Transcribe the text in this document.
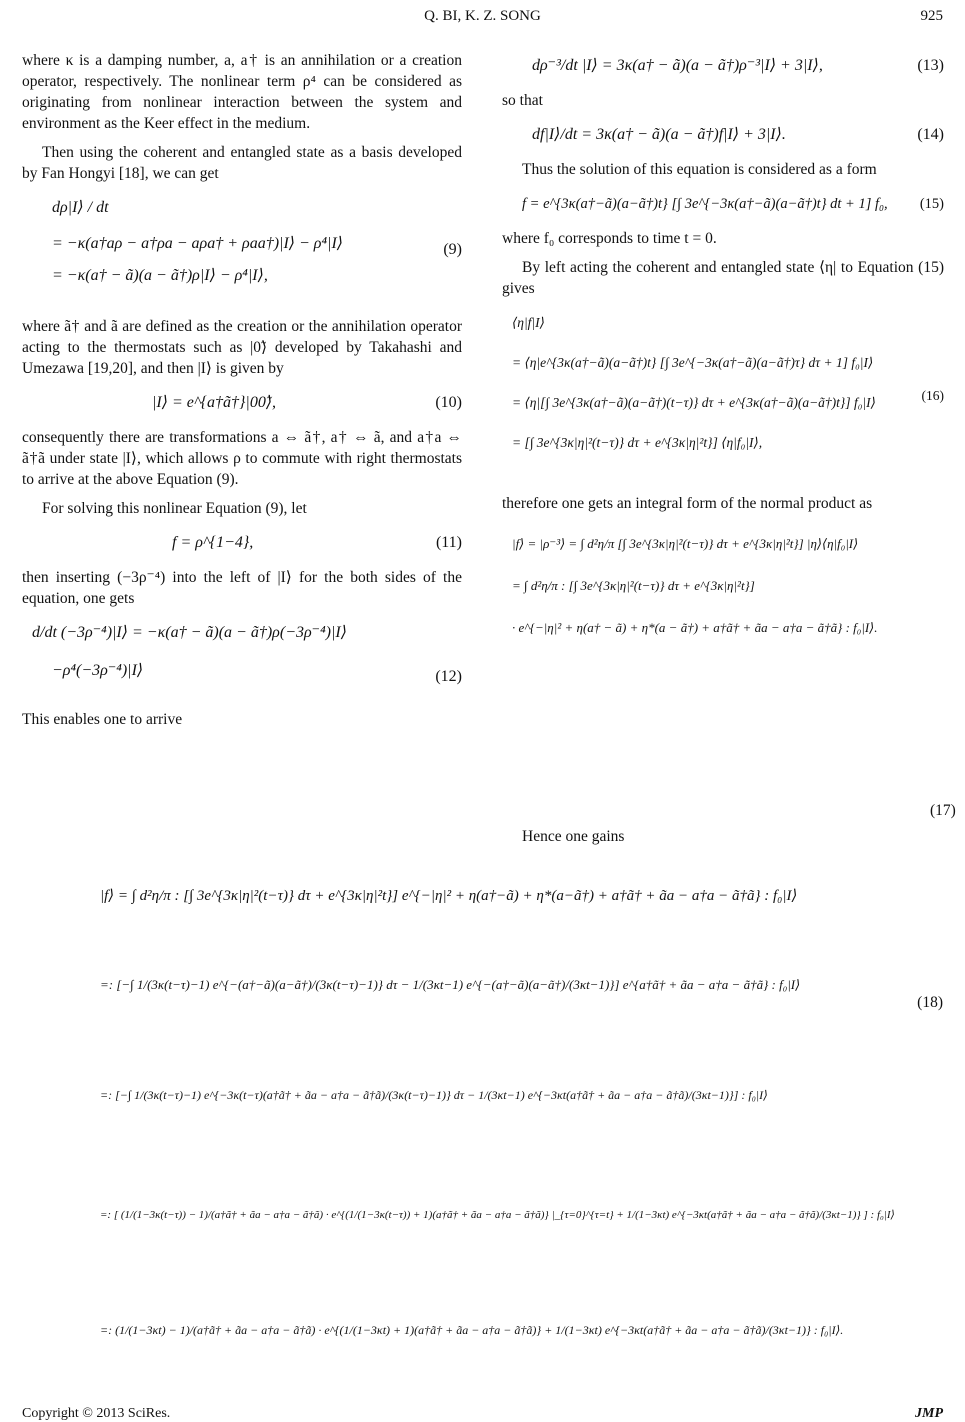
Q. BI, K. Z. SONG	925

where κ is a damping number, a, a† is an annihilation or a creation operator, respectively. The nonlinear term ρ⁴ can be considered as originating from nonlinear interaction between the system and environment as the Keer effect in the medium.

Then using the coherent and entangled state as a basis developed by Fan Hongyi [18], we can get

dρ|I⟩ / dt
= −κ(a†aρ − a†ρa − aρa† + ρaa†)|I⟩ − ρ⁴|I⟩
= −κ(a† − ã)(a − ã†)ρ|I⟩ − ρ⁴|I⟩,
(9)

where ã† and ã are defined as the creation or the annihilation operator acting to the thermostats such as |0̃⟩ developed by Takahashi and Umezawa [19,20], and then |I⟩ is given by

|I⟩ = e^{a†ã†}|00̃⟩,	(10)

consequently there are transformations a ⇔ ã†, a† ⇔ ã, and a†a ⇔ ã†ã under state |I⟩, which allows ρ to commute with right thermostats to arrive at the above Equation (9).

For solving this nonlinear Equation (9), let

f = ρ^{1−4},	(11)

then inserting (−3ρ⁻⁴) into the left of |I⟩ for the both sides of the equation, one gets

d/dt (−3ρ⁻⁴)|I⟩ = −κ(a† − ã)(a − ã†)ρ(−3ρ⁻⁴)|I⟩
−ρ⁴(−3ρ⁻⁴)|I⟩	(12)

This enables one to arrive

dρ⁻³/dt |I⟩ = 3κ(a† − ã)(a − ã†)ρ⁻³|I⟩ + 3|I⟩,	(13)

so that

df|I⟩/dt = 3κ(a† − ã)(a − ã†)f|I⟩ + 3|I⟩.	(14)

Thus the solution of this equation is considered as a form

f = e^{3κ(a†−ã)(a−ã†)t} [∫ 3e^{−3κ(a†−ã)(a−ã†)t} dt + 1] f₀,	(15)

where f₀ corresponds to time t = 0.

By left acting the coherent and entangled state ⟨η| to Equation (15) gives

⟨η|f|I⟩
= ⟨η|e^{3κ(a†−ã)(a−ã†)t} [∫ 3e^{−3κ(a†−ã)(a−ã†)τ} dτ + 1] f₀|I⟩
= ⟨η|[∫ 3e^{3κ(a†−ã)(a−ã†)(t−τ)} dτ + e^{3κ(a†−ã)(a−ã†)t}] f₀|I⟩
= [∫ 3e^{3κ|η|²(t−τ)} dτ + e^{3κ|η|²t}] ⟨η|f₀|I⟩,
(16)

therefore one gets an integral form of the normal product as

|f⟩ = |ρ⁻³⟩ = ∫ d²η/π [∫ 3e^{3κ|η|²(t−τ)} dτ + e^{3κ|η|²t}] |η⟩⟨η|f₀|I⟩
= ∫ d²η/π : [∫ 3e^{3κ|η|²(t−τ)} dτ + e^{3κ|η|²t}]
· e^{−|η|² + η(a† − ã) + η*(a − ã†) + a†ã† + ãa − a†a − ã†ã} : f₀|I⟩.
(17)
Hence one gains
|f⟩ = ∫ d²η/π : [∫ 3e^{3κ|η|²(t−τ)} dτ + e^{3κ|η|²t}] e^{−|η|² + η(a†−ã) + η*(a−ã†) + a†ã† + ãa − a†a − ã†ã} : f₀|I⟩
=: [−∫ 1/(3κ(t−τ)−1) e^{−(a†−ã)(a−ã†)/(3κ(t−τ)−1)} dτ − 1/(3κt−1) e^{−(a†−ã)(a−ã†)/(3κt−1)}] e^{a†ã† + ãa − a†a − ã†ã} : f₀|I⟩
=: [−∫ 1/(3κ(t−τ)−1) e^{−3κ(t−τ)(a†ã† + ãa − a†a − ã†ã)/(3κ(t−τ)−1)} dτ − 1/(3κt−1) e^{−3κt(a†ã† + ãa − a†a − ã†ã)/(3κt−1)}] : f₀|I⟩
=: [ (1/(1−3κ(t−τ)) − 1)/(a†ã† + ãa − a†a − ã†ã) · e^{(1/(1−3κ(t−τ)) + 1)(a†ã† + ãa − a†a − ã†ã)} |_{τ=0}^{τ=t} + 1/(1−3κt) e^{−3κt(a†ã† + ãa − a†a − ã†ã)/(3κt−1)} ] : f₀|I⟩
=: (1/(1−3κt) − 1)/(a†ã† + ãa − a†a − ã†ã) · e^{(1/(1−3κt) + 1)(a†ã† + ãa − a†a − ã†ã)} + 1/(1−3κt) e^{−3κt(a†ã† + ãa − a†a − ã†ã)/(3κt−1)} : f₀|I⟩.
(18)
Copyright © 2013 SciRes.	JMP
